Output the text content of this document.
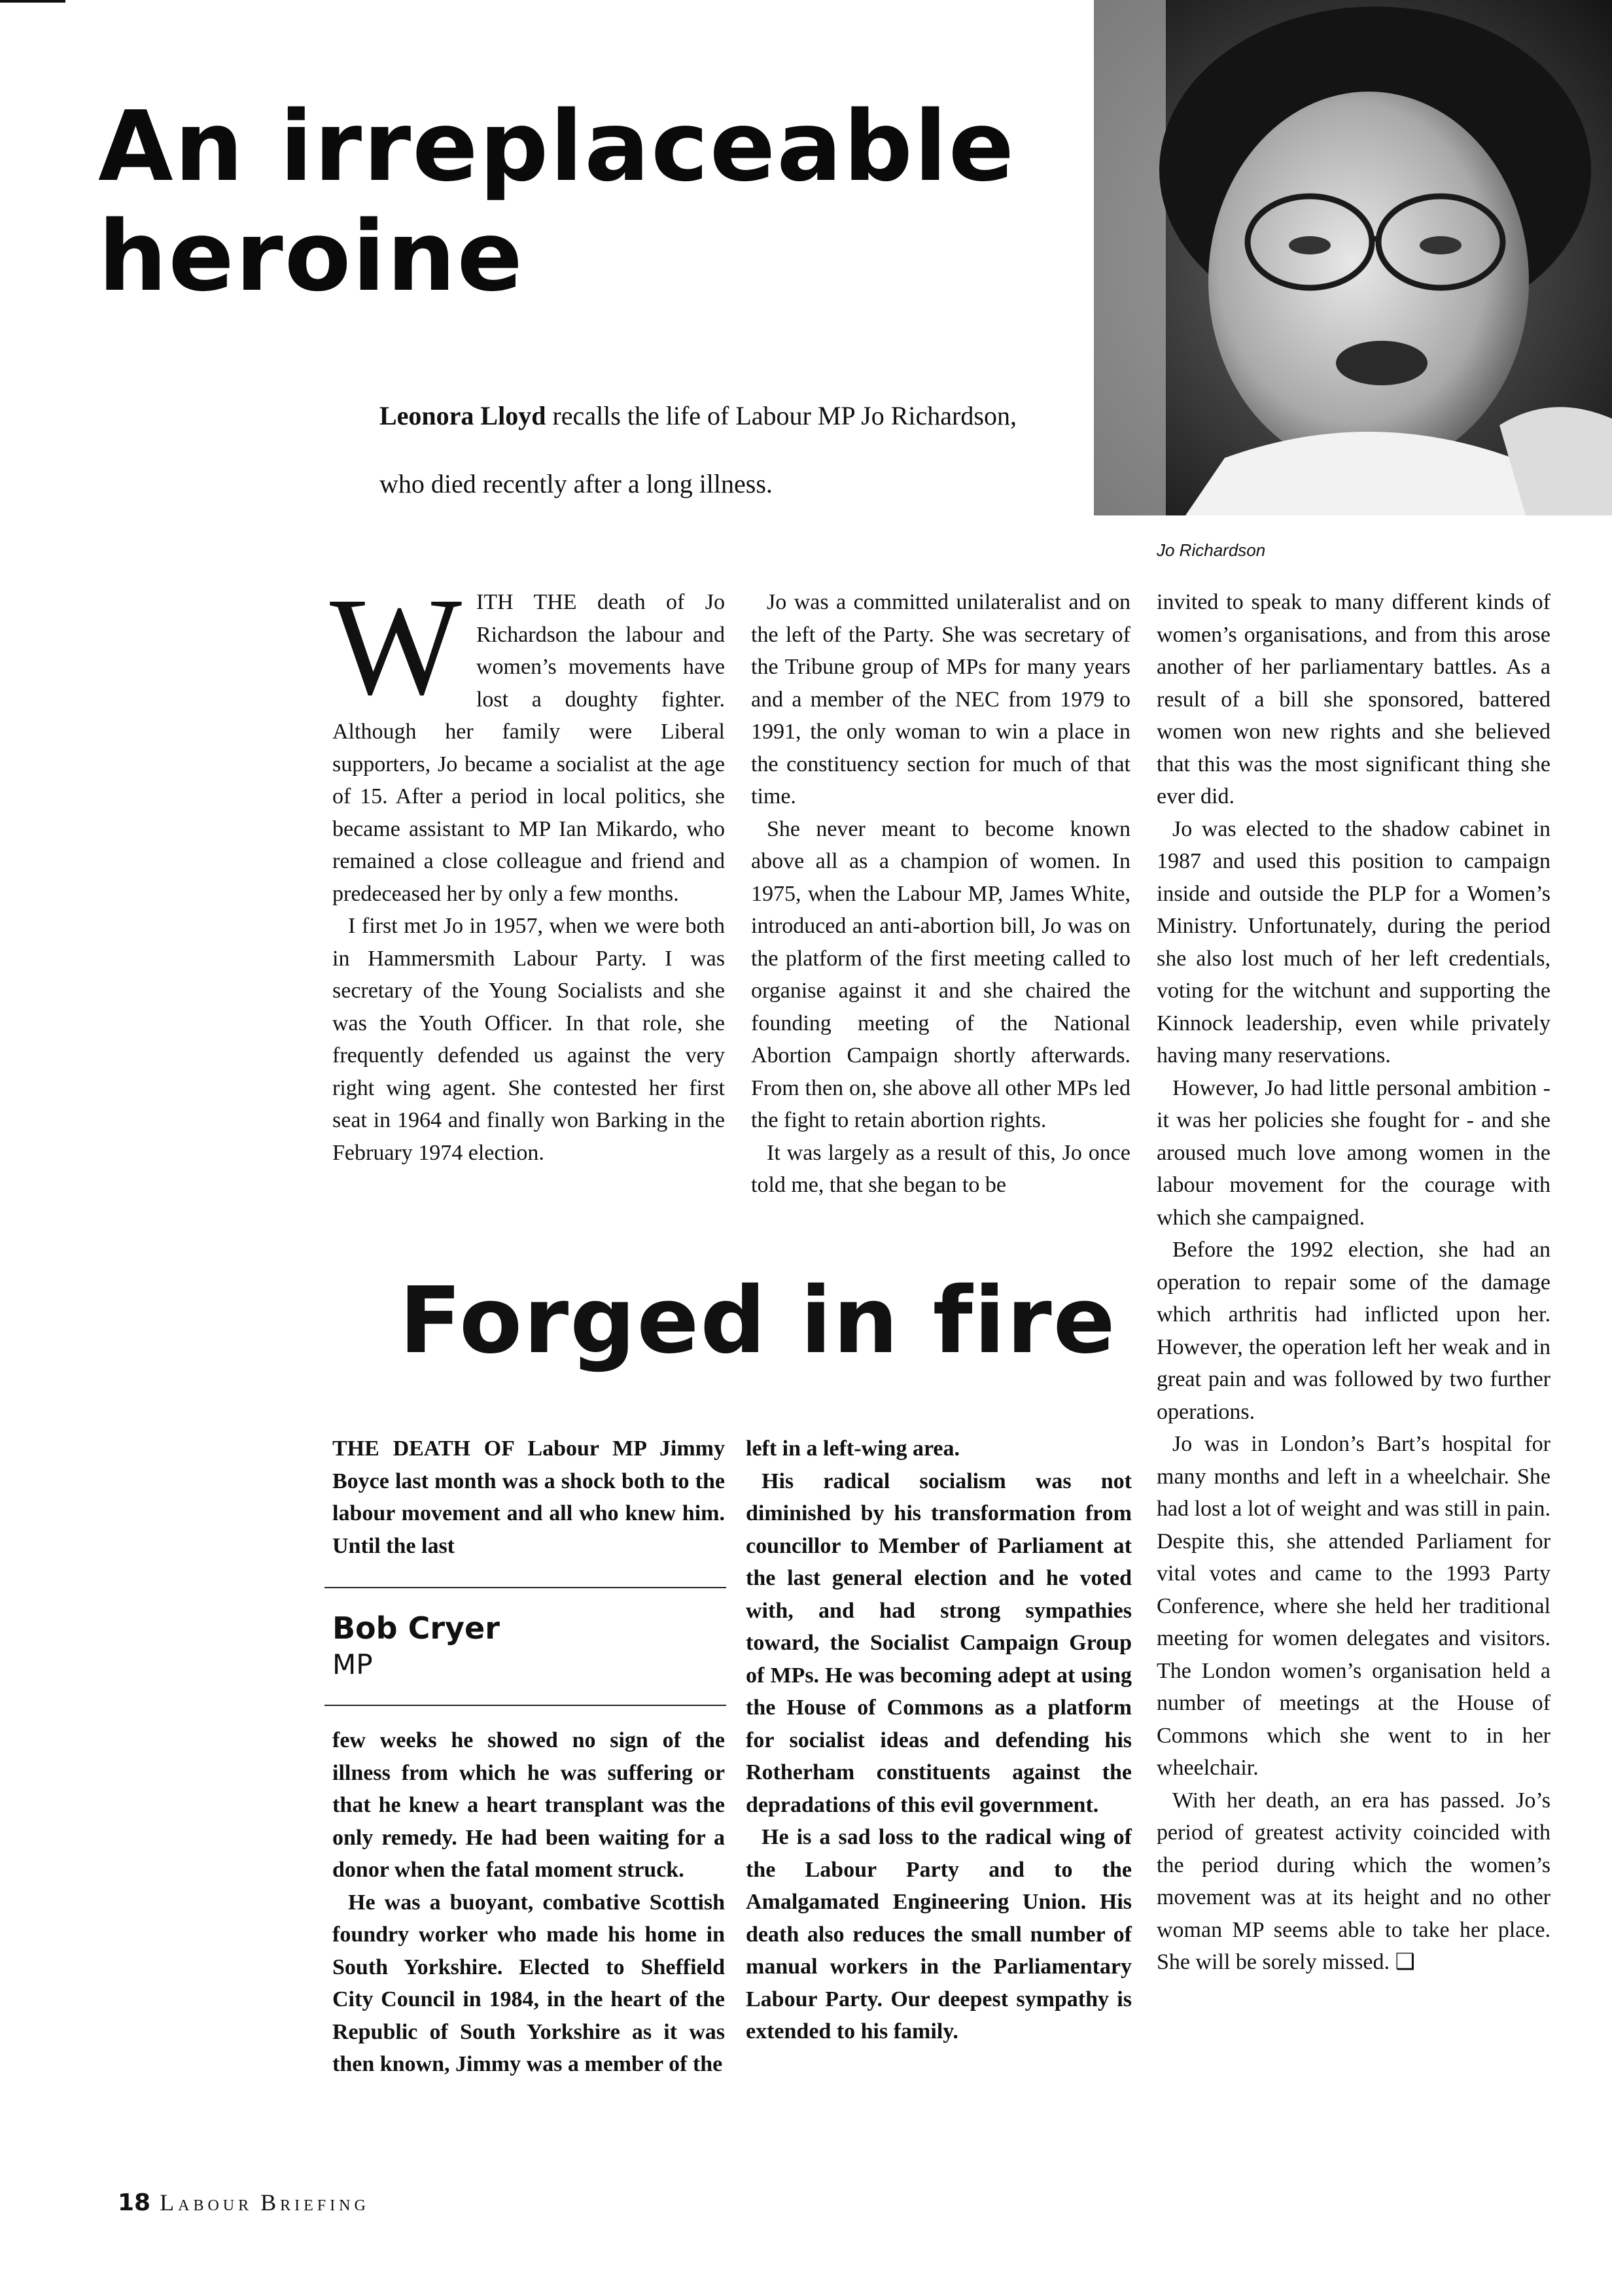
An irreplaceable
heroine
Jo Richardson

Leonora Lloyd recalls the life of Labour MP Jo Richardson,

who died recently after a long illness.

WITH THE death of Jo Richardson the labour and women’s movements have lost a doughty fighter. Although her family were Liberal supporters, Jo became a socialist at the age of 15. After a period in local politics, she became assistant to MP Ian Mikardo, who remained a close colleague and friend and predeceased her by only a few months.

I first met Jo in 1957, when we were both in Hammersmith Labour Party. I was secretary of the Young Socialists and she was the Youth Officer. In that role, she frequently defended us against the very right wing agent. She contested her first seat in 1964 and finally won Barking in the February 1974 election.

Jo was a committed unilateralist and on the left of the Party. She was secretary of the Tribune group of MPs for many years and a member of the NEC from 1979 to 1991, the only woman to win a place in the constituency section for much of that time.

She never meant to become known above all as a champion of women. In 1975, when the Labour MP, James White, introduced an anti-abortion bill, Jo was on the platform of the first meeting called to organise against it and she chaired the founding meeting of the National Abortion Campaign shortly afterwards. From then on, she above all other MPs led the fight to retain abortion rights.

It was largely as a result of this, Jo once told me, that she began to be

invited to speak to many different kinds of women’s organisations, and from this arose another of her parliamentary battles. As a result of a bill she sponsored, battered women won new rights and she believed that this was the most significant thing she ever did.

Jo was elected to the shadow cabinet in 1987 and used this position to campaign inside and outside the PLP for a Women’s Ministry. Unfortunately, during the period she also lost much of her left credentials, voting for the witchunt and supporting the Kinnock leadership, even while privately having many reservations.

However, Jo had little personal ambition - it was her policies she fought for - and she aroused much love among women in the labour movement for the courage with which she campaigned.

Before the 1992 election, she had an operation to repair some of the damage which arthritis had inflicted upon her. However, the operation left her weak and in great pain and was followed by two further operations.

Jo was in London’s Bart’s hospital for many months and left in a wheelchair. She had lost a lot of weight and was still in pain. Despite this, she attended Parliament for vital votes and came to the 1993 Party Conference, where she held her traditional meeting for women delegates and visitors. The London women’s organisation held a number of meetings at the House of Commons which she went to in her wheelchair.

With her death, an era has passed. Jo’s period of greatest activity coincided with the period during which the women’s movement was at its height and no other woman MP seems able to take her place. She will be sorely missed. ❑

Forged in fire

THE DEATH OF Labour MP Jimmy Boyce last month was a shock both to the labour movement and all who knew him. Until the last

Bob Cryer
MP

few weeks he showed no sign of the illness from which he was suffering or that he knew a heart transplant was the only remedy. He had been waiting for a donor when the fatal moment struck.

He was a buoyant, combative Scottish foundry worker who made his home in South Yorkshire. Elected to Sheffield City Council in 1984, in the heart of the Republic of South Yorkshire as it was then known, Jimmy was a member of the

left in a left-wing area.

His radical socialism was not diminished by his transformation from councillor to Member of Parliament at the last general election and he voted with, and had strong sympathies toward, the Socialist Campaign Group of MPs. He was becoming adept at using the House of Commons as a platform for socialist ideas and defending his Rotherham constituents against the depradations of this evil government.

He is a sad loss to the radical wing of the Labour Party and to the Amalgamated Engineering Union. His death also reduces the small number of manual workers in the Parliamentary Labour Party. Our deepest sympathy is extended to his family.

18 LABOUR BRIEFING
